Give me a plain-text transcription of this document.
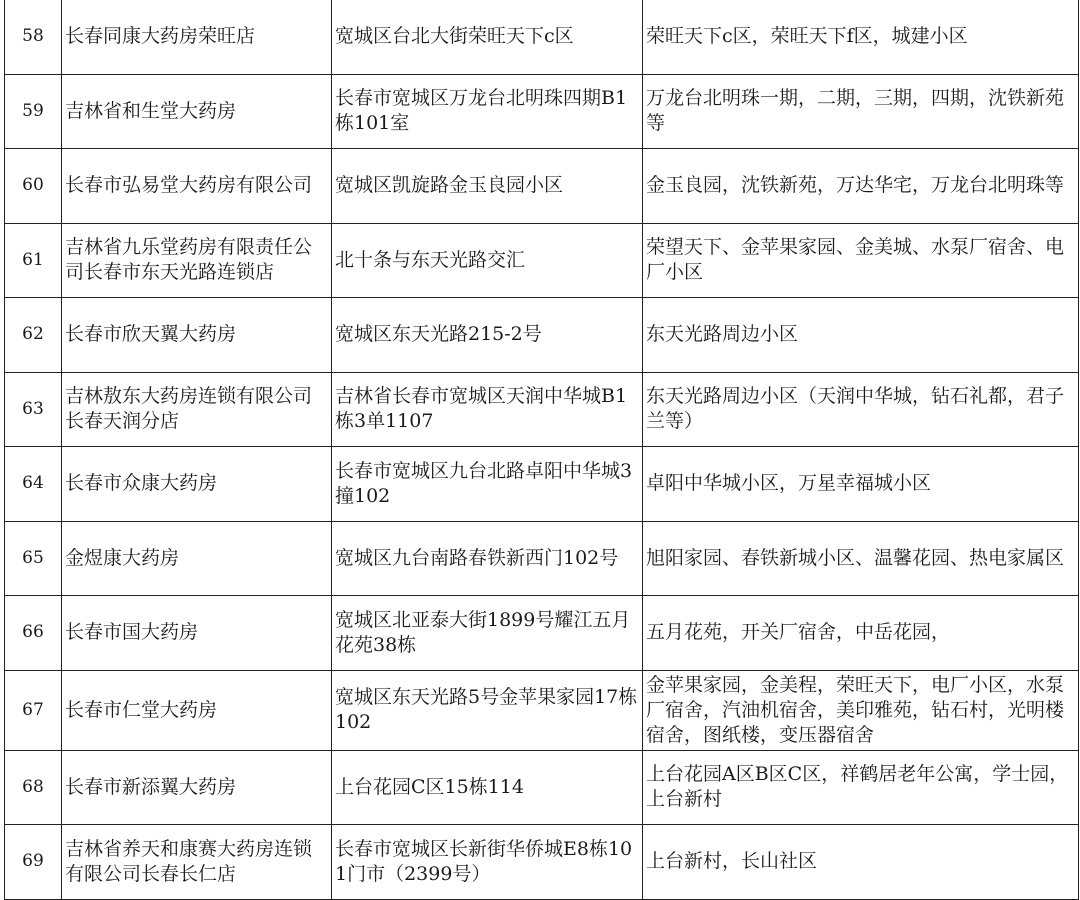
58	长春同康大药房荣旺店	宽城区台北大街荣旺天下c区	荣旺天下c区，荣旺天下f区，城建小区
59	吉林省和生堂大药房	长春市宽城区万龙台北明珠四期B1栋101室	万龙台北明珠一期，二期，三期，四期，沈铁新苑等
60	长春市弘易堂大药房有限公司	宽城区凯旋路金玉良园小区	金玉良园，沈铁新苑，万达华宅，万龙台北明珠等
61	吉林省九乐堂药房有限责任公司长春市东天光路连锁店	北十条与东天光路交汇	荣望天下、金苹果家园、金美城、水泵厂宿舍、电厂小区
62	长春市欣天翼大药房	宽城区东天光路215-2号	东天光路周边小区
63	吉林敖东大药房连锁有限公司长春天润分店	吉林省长春市宽城区天润中华城B1栋3单1107	东天光路周边小区（天润中华城，钻石礼都，君子兰等）
64	长春市众康大药房	长春市宽城区九台北路卓阳中华城3撞102	卓阳中华城小区，万星幸福城小区
65	金煜康大药房	宽城区九台南路春铁新西门102号	旭阳家园、春铁新城小区、温馨花园、热电家属区
66	长春市国大药房	宽城区北亚泰大街1899号耀江五月花苑38栋	五月花苑，开关厂宿舍，中岳花园，
67	长春市仁堂大药房	宽城区东天光路5号金苹果家园17栋102	金苹果家园，金美程，荣旺天下，电厂小区，水泵厂宿舍，汽油机宿舍，美印雅苑，钻石村，光明楼宿舍，图纸楼，变压器宿舍
68	长春市新添翼大药房	上台花园C区15栋114	上台花园A区B区C区，祥鹤居老年公寓，学士园，上台新村
69	吉林省养天和康赛大药房连锁有限公司长春长仁店	长春市宽城区长新街华侨城E8栋101门市（2399号）	上台新村，长山社区
